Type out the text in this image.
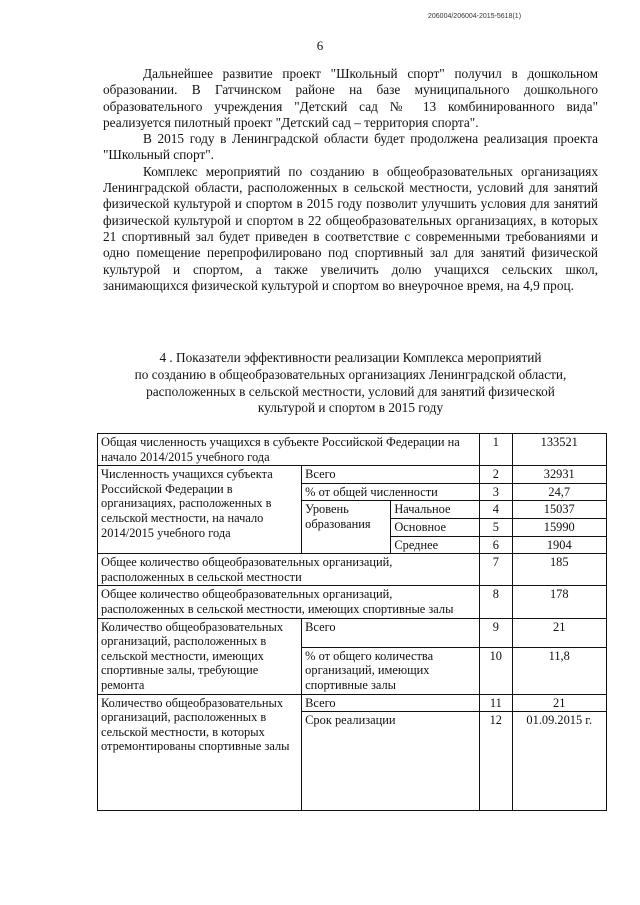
206004/206004-2015-5618(1)
6

Дальнейшее развитие проект "Школьный спорт" получил в дошкольном образовании. В Гатчинском районе на базе муниципального дошкольного образовательного учреждения "Детский сад № 13 комбинированного вида" реализуется пилотный проект "Детский сад – территория спорта".

В 2015 году в Ленинградской области будет продолжена реализация проекта "Школьный спорт".

Комплекс мероприятий по созданию в общеобразовательных организациях Ленинградской области, расположенных в сельской местности, условий для занятий физической культурой и спортом в 2015 году позволит улучшить условия для занятий физической культурой и спортом в 22 общеобразовательных организациях, в которых 21 спортивный зал будет приведен в соответствие с современными требованиями и одно помещение перепрофилировано под спортивный зал для занятий физической культурой и спортом, а также увеличить долю учащихся сельских школ, занимающихся физической культурой и спортом во внеурочное время, на 4,9 проц.

4 . Показатели эффективности реализации Комплекса мероприятий
по созданию в общеобразовательных организациях Ленинградской области,
расположенных в сельской местности, условий для занятий физической
культурой и спортом в 2015 году
Общая численность учащихся в субъекте Российской Федерации на начало 2014/2015 учебного года			1	133521
Численность учащихся субъекта Российской Федерации в организациях, расположенных в сельской местности, на начало 2014/2015 учебного года	Всего		2	32931
	% от общей численности		3	24,7
	Уровень образования	Начальное	4	15037
		Основное	5	15990
		Среднее	6	1904
Общее количество общеобразовательных организаций, расположенных в сельской местности			7	185
Общее количество общеобразовательных организаций, расположенных в сельской местности, имеющих спортивные залы			8	178
Количество общеобразовательных организаций, расположенных в сельской местности, имеющих спортивные залы, требующие ремонта	Всего		9	21
	% от общего количества организаций, имеющих спортивные залы		10	11,8
Количество общеобразовательных организаций, расположенных в сельской местности, в которых отремонтированы спортивные залы	Всего		11	21
	Срок реализации		12	01.09.2015 г.
